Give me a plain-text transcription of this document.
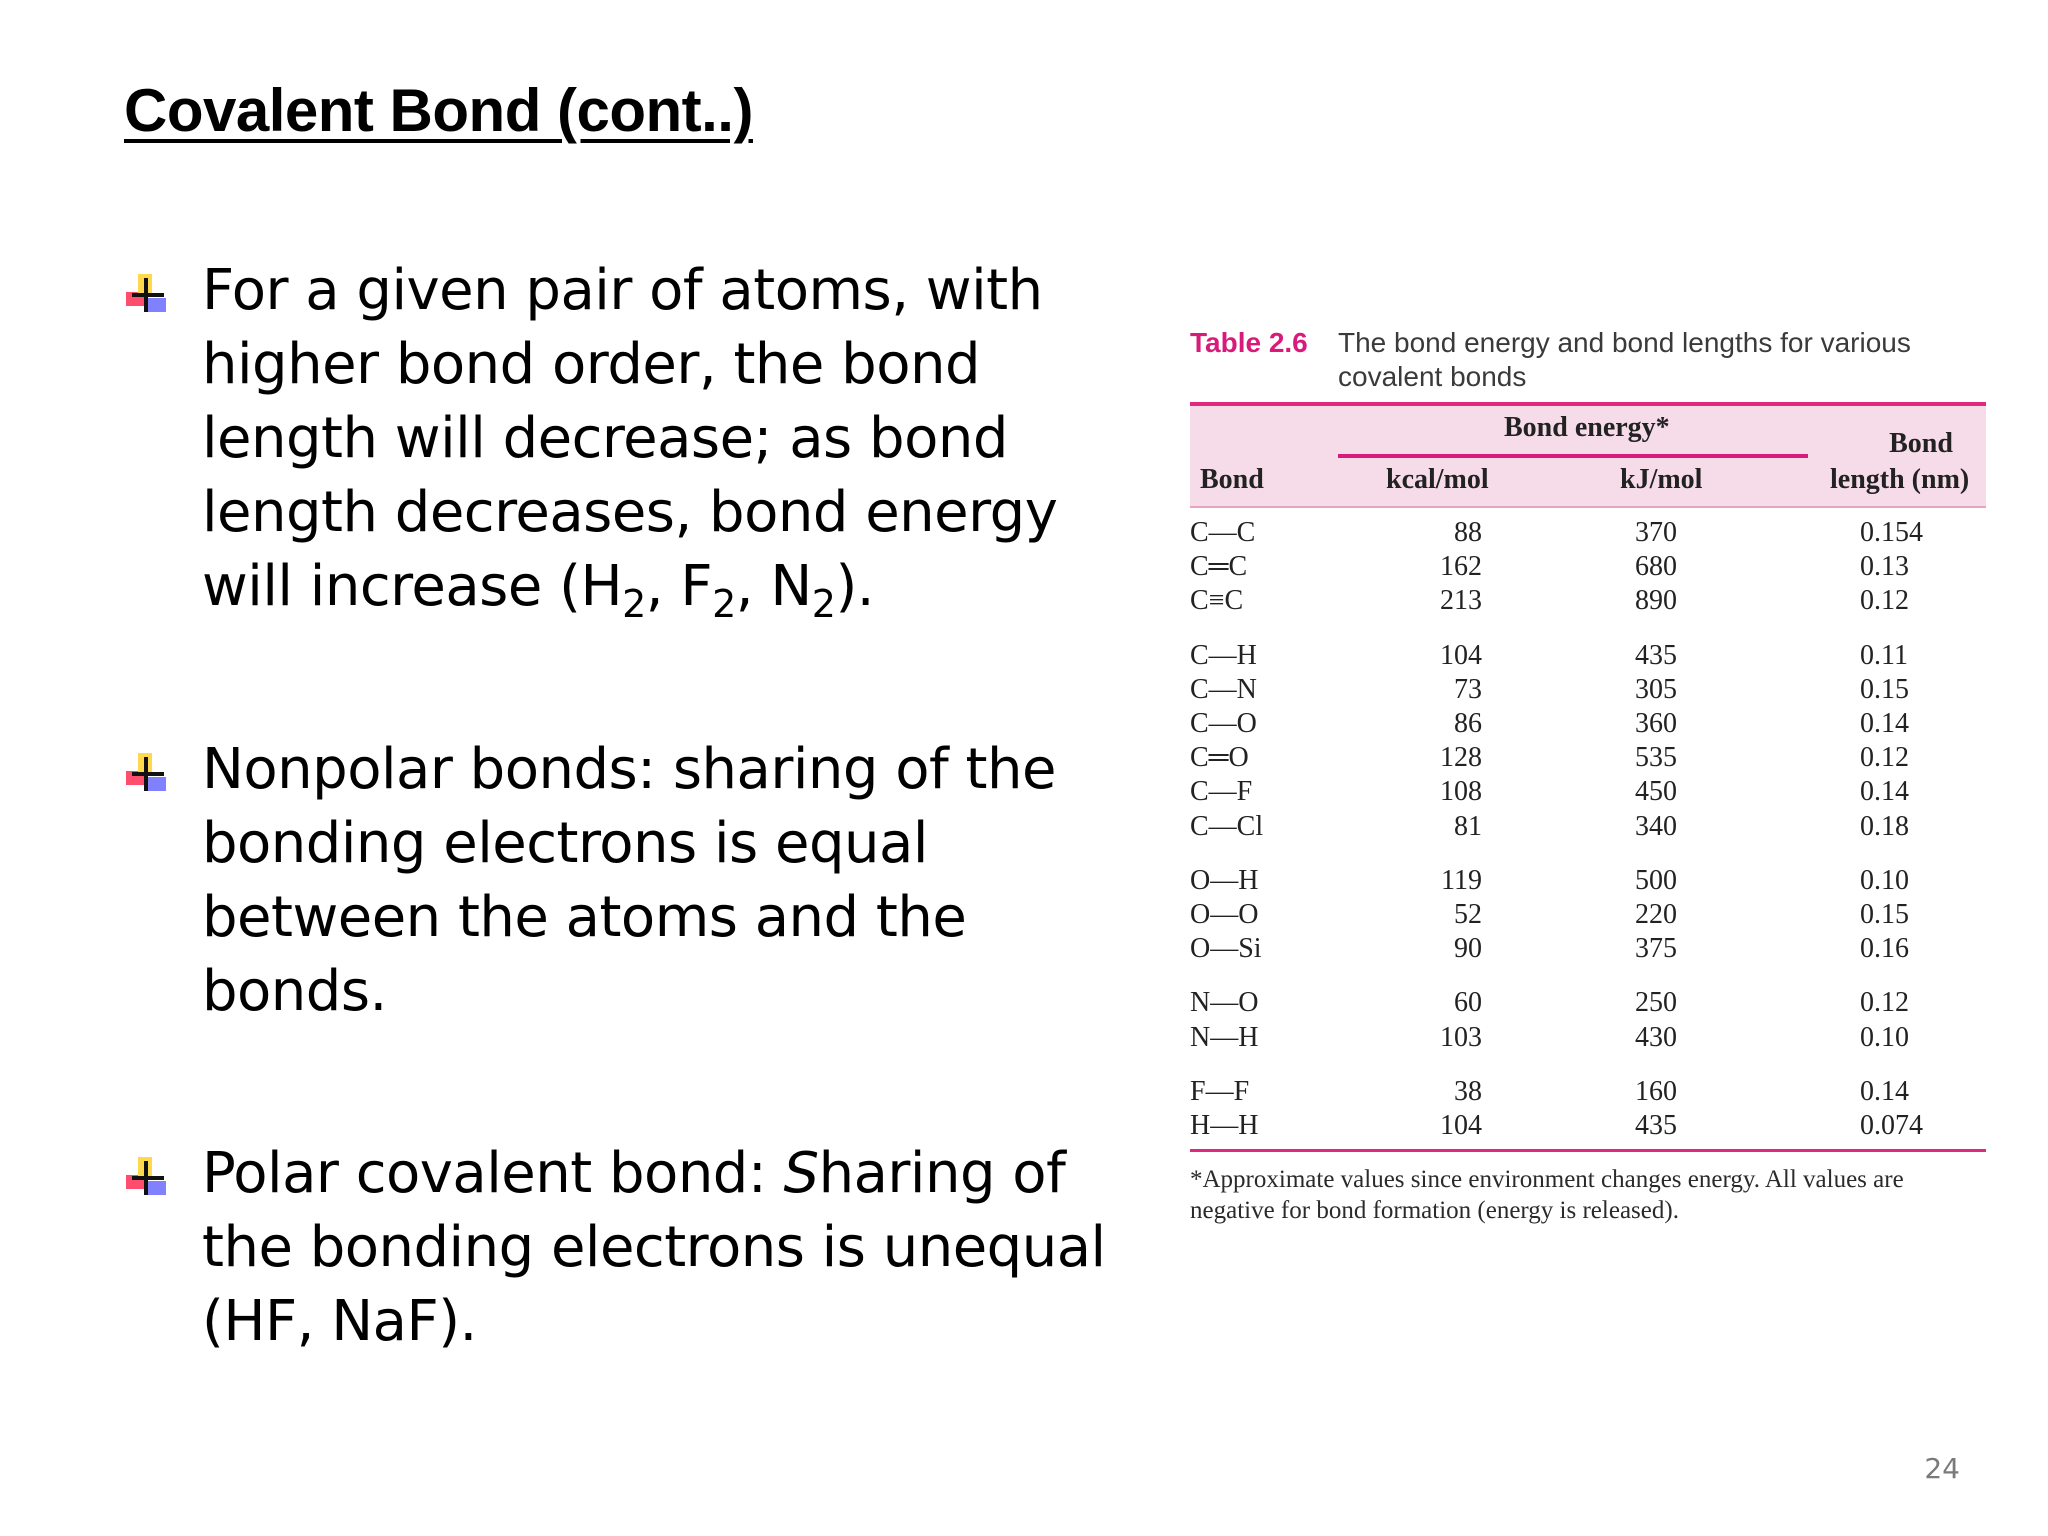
Covalent Bond (cont..)

For a given pair of atoms, with

higher bond order, the bond

length will decrease; as bond

length decreases, bond energy

will increase ($H_2$, $F_2$, $N_2$).

Nonpolar bonds: sharing of the

bonding electrons is equal

between the atoms and the

bonds.

Polar covalent bond: Sharing of

the bonding electrons is unequal

(HF, NaF).

Table 2.6 The bond energy and bond lengths for various covalent bonds
Bond energy*
Bond	kcal/mol	kJ/mol
Bond
length (nm)
C—C	88	370	0.154
C═C	162	680	0.13
C≡C	213	890	0.12
C—H	104	435	0.11
C—N	73	305	0.15
C—O	86	360	0.14
C═O	128	535	0.12
C—F	108	450	0.14
C—Cl	81	340	0.18
O—H	119	500	0.10
O—O	52	220	0.15
O—Si	90	375	0.16
N—O	60	250	0.12
N—H	103	430	0.10
F—F	38	160	0.14
H—H	104	435	0.074

*Approximate values since environment changes energy. All values are

negative for bond formation (energy is released).

24
